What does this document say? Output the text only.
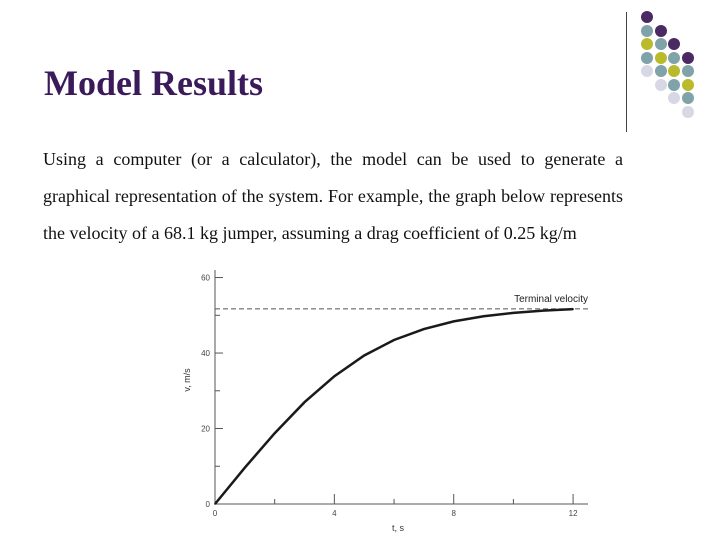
Model Results

Using a computer (or a calculator), the model can be used to generate a graphical representation of the system. For example, the graph below represents the velocity of a 68.1 kg jumper, assuming a drag coefficient of 0.25 kg/m

0
20
40
60
0	4	8	12
Terminal velocity
v, m/s
t, s
